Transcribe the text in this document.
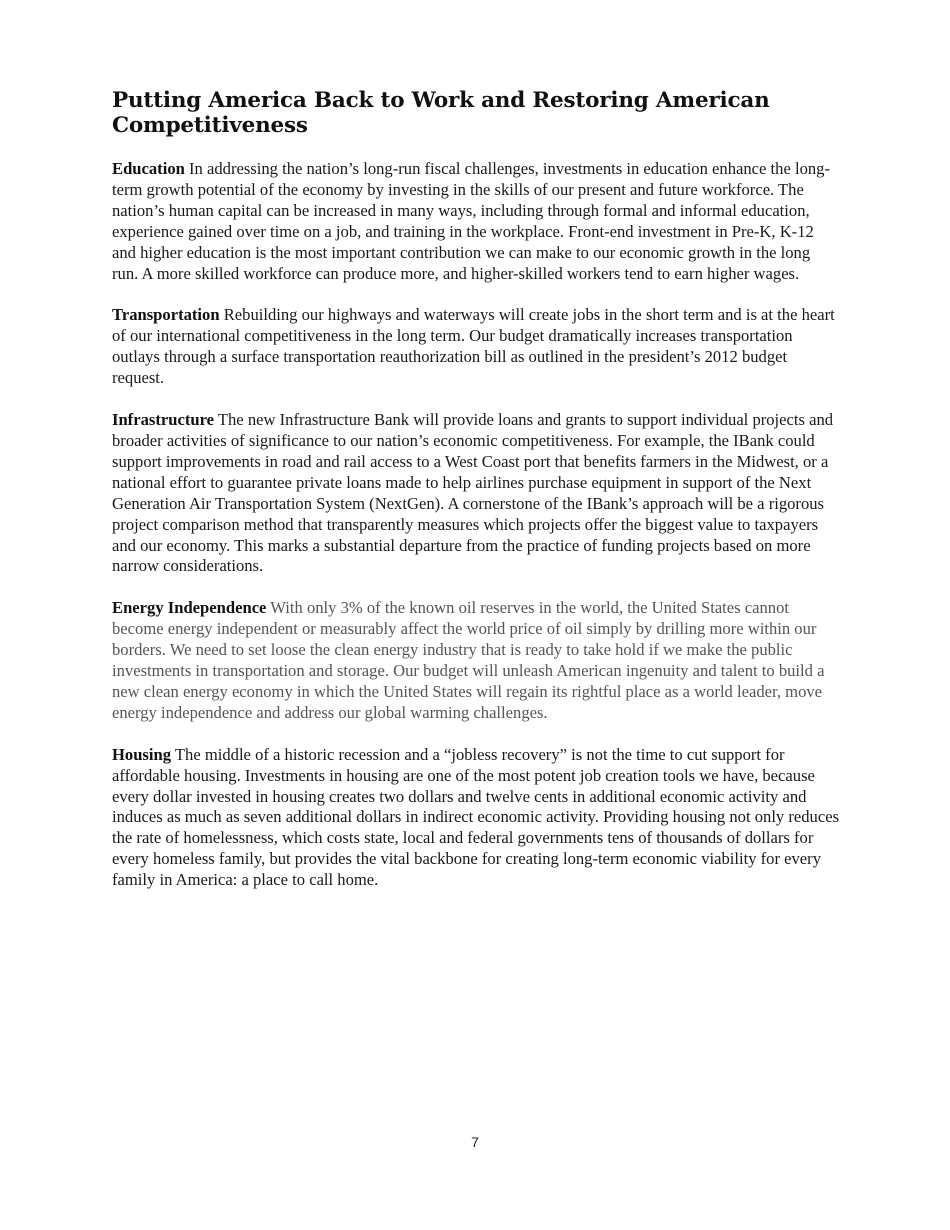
Putting America Back to Work and Restoring American Competitiveness

Education In addressing the nation’s long-run fiscal challenges, investments in education enhance the long-term growth potential of the economy by investing in the skills of our present and future workforce. The nation’s human capital can be increased in many ways, including through formal and informal education, experience gained over time on a job, and training in the workplace. Front-end investment in Pre-K, K-12 and higher education is the most important contribution we can make to our economic growth in the long run. A more skilled workforce can produce more, and higher-skilled workers tend to earn higher wages.

Transportation Rebuilding our highways and waterways will create jobs in the short term and is at the heart of our international competitiveness in the long term. Our budget dramatically increases transportation outlays through a surface transportation reauthorization bill as outlined in the president’s 2012 budget request.

Infrastructure The new Infrastructure Bank will provide loans and grants to support individual projects and broader activities of significance to our nation’s economic competitiveness. For example, the IBank could support improvements in road and rail access to a West Coast port that benefits farmers in the Midwest, or a national effort to guarantee private loans made to help airlines purchase equipment in support of the Next Generation Air Transportation System (NextGen). A cornerstone of the IBank’s approach will be a rigorous project comparison method that transparently measures which projects offer the biggest value to taxpayers and our economy. This marks a substantial departure from the practice of funding projects based on more narrow considerations.

Energy Independence With only 3% of the known oil reserves in the world, the United States cannot become energy independent or measurably affect the world price of oil simply by drilling more within our borders. We need to set loose the clean energy industry that is ready to take hold if we make the public investments in transportation and storage. Our budget will unleash American ingenuity and talent to build a new clean energy economy in which the United States will regain its rightful place as a world leader, move energy independence and address our global warming challenges.

Housing The middle of a historic recession and a “jobless recovery” is not the time to cut support for affordable housing. Investments in housing are one of the most potent job creation tools we have, because every dollar invested in housing creates two dollars and twelve cents in additional economic activity and induces as much as seven additional dollars in indirect economic activity. Providing housing not only reduces the rate of homelessness, which costs state, local and federal governments tens of thousands of dollars for every homeless family, but provides the vital backbone for creating long-term economic viability for every family in America: a place to call home.

7
